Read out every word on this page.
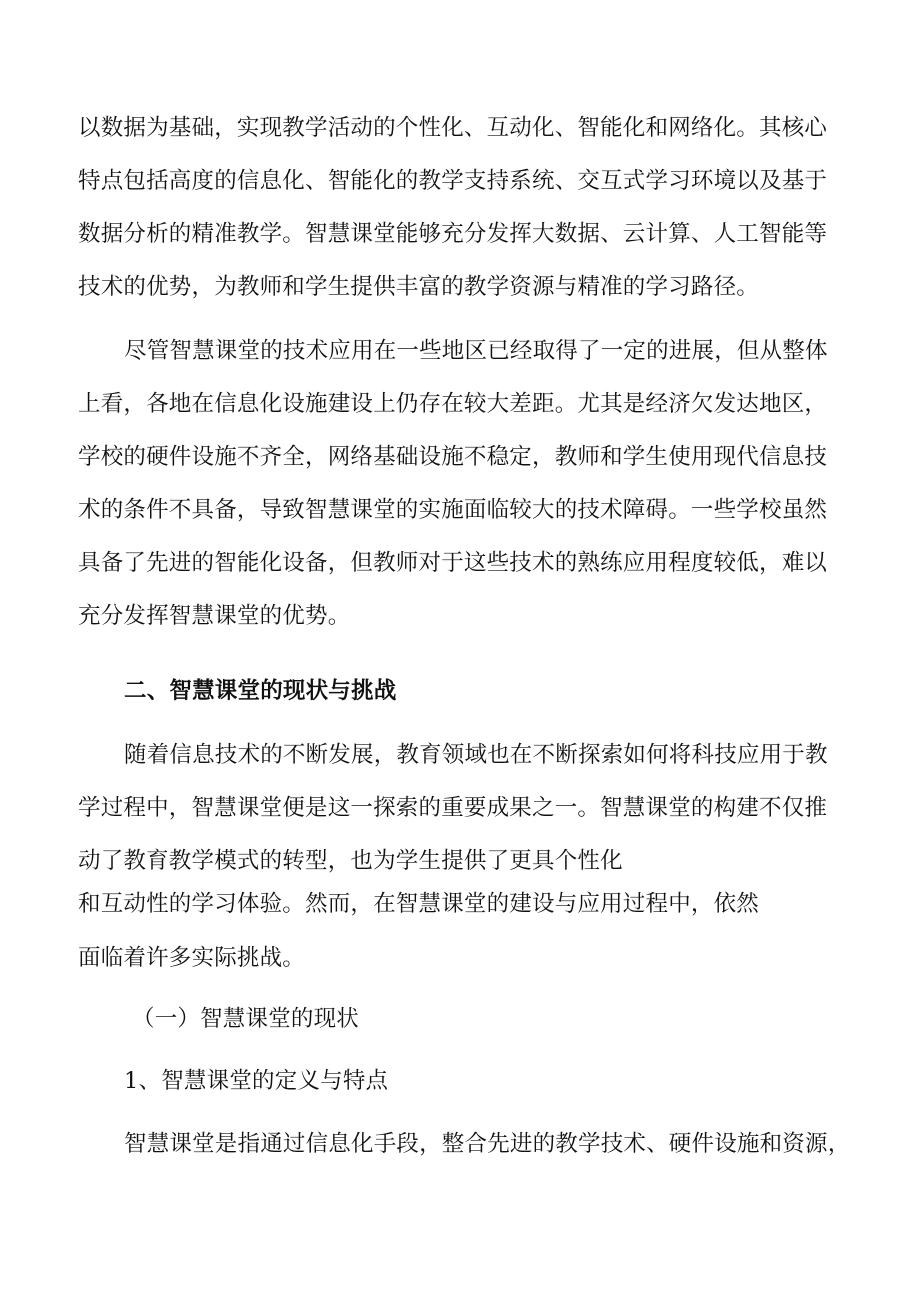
以数据为基础，实现教学活动的个性化、互动化、智能化和网络化。其核心
特点包括高度的信息化、智能化的教学支持系统、交互式学习环境以及基于
数据分析的精准教学。智慧课堂能够充分发挥大数据、云计算、人工智能等
技术的优势，为教师和学生提供丰富的教学资源与精准的学习路径。
尽管智慧课堂的技术应用在一些地区已经取得了一定的进展，但从整体
上看，各地在信息化设施建设上仍存在较大差距。尤其是经济欠发达地区，
学校的硬件设施不齐全，网络基础设施不稳定，教师和学生使用现代信息技
术的条件不具备，导致智慧课堂的实施面临较大的技术障碍。一些学校虽然
具备了先进的智能化设备，但教师对于这些技术的熟练应用程度较低，难以
充分发挥智慧课堂的优势。
二、智慧课堂的现状与挑战
随着信息技术的不断发展，教育领域也在不断探索如何将科技应用于教
学过程中，智慧课堂便是这一探索的重要成果之一。智慧课堂的构建不仅推
动了教育教学模式的转型，也为学生提供了更具个性化
和互动性的学习体验。然而，在智慧课堂的建设与应用过程中，依然
面临着许多实际挑战。
（一）智慧课堂的现状
1、智慧课堂的定义与特点
智慧课堂是指通过信息化手段，整合先进的教学技术、硬件设施和资源，
